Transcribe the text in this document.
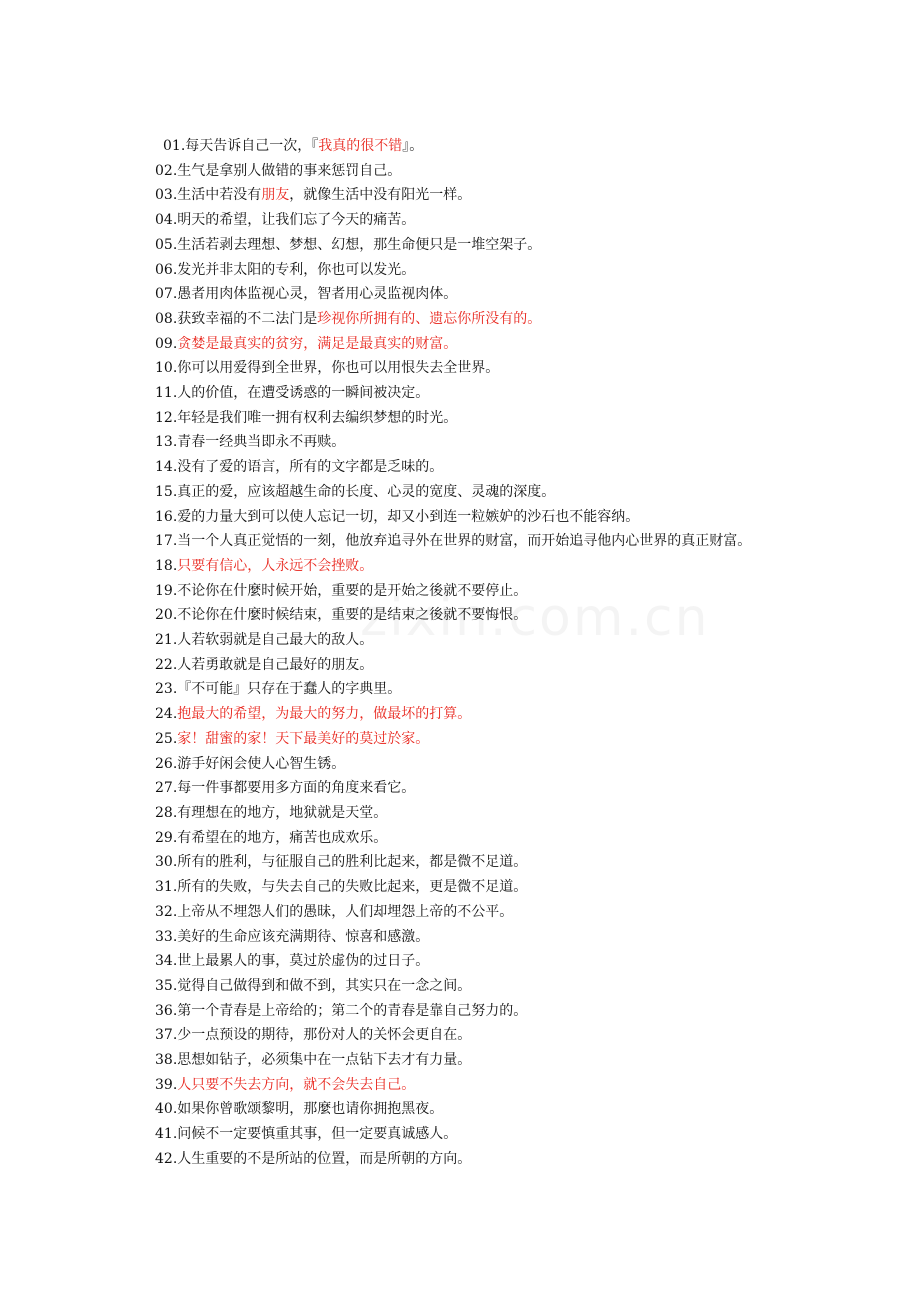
01.每天告诉自己一次，『我真的很不错』。
02.生气是拿别人做错的事来惩罚自己。
03.生活中若没有朋友，就像生活中没有阳光一样。
04.明天的希望，让我们忘了今天的痛苦。
05.生活若剥去理想、梦想、幻想，那生命便只是一堆空架子。
06.发光并非太阳的专利，你也可以发光。
07.愚者用肉体监视心灵，智者用心灵监视肉体。
08.获致幸福的不二法门是珍视你所拥有的、遗忘你所没有的。
09.贪婪是最真实的贫穷，满足是最真实的财富。
10.你可以用爱得到全世界，你也可以用恨失去全世界。
11.人的价值，在遭受诱惑的一瞬间被决定。
12.年轻是我们唯一拥有权利去编织梦想的时光。
13.青春一经典当即永不再赎。
14.没有了爱的语言，所有的文字都是乏味的。
15.真正的爱，应该超越生命的长度、心灵的宽度、灵魂的深度。
16.爱的力量大到可以使人忘记一切，却又小到连一粒嫉妒的沙石也不能容纳。
17.当一个人真正觉悟的一刻，他放弃追寻外在世界的财富，而开始追寻他内心世界的真正财富。
18.只要有信心，人永远不会挫败。
19.不论你在什麼时候开始，重要的是开始之後就不要停止。
20.不论你在什麼时候结束，重要的是结束之後就不要悔恨。
21.人若软弱就是自己最大的敌人。
22.人若勇敢就是自己最好的朋友。
23.『不可能』只存在于蠢人的字典里。
24.抱最大的希望，为最大的努力，做最坏的打算。
25.家！甜蜜的家！天下最美好的莫过於家。
26.游手好闲会使人心智生锈。
27.每一件事都要用多方面的角度来看它。
28.有理想在的地方，地狱就是天堂。
29.有希望在的地方，痛苦也成欢乐。
30.所有的胜利，与征服自己的胜利比起来，都是微不足道。
31.所有的失败，与失去自己的失败比起来，更是微不足道。
32.上帝从不埋怨人们的愚昧，人们却埋怨上帝的不公平。
33.美好的生命应该充满期待、惊喜和感激。
34.世上最累人的事，莫过於虚伪的过日子。
35.觉得自己做得到和做不到，其实只在一念之间。
36.第一个青春是上帝给的；第二个的青春是靠自己努力的。
37.少一点预设的期待，那份对人的关怀会更自在。
38.思想如钻子，必须集中在一点钻下去才有力量。
39.人只要不失去方向，就不会失去自己。
40.如果你曾歌颂黎明，那麼也请你拥抱黑夜。
41.问候不一定要慎重其事，但一定要真诚感人。
42.人生重要的不是所站的位置，而是所朝的方向。
